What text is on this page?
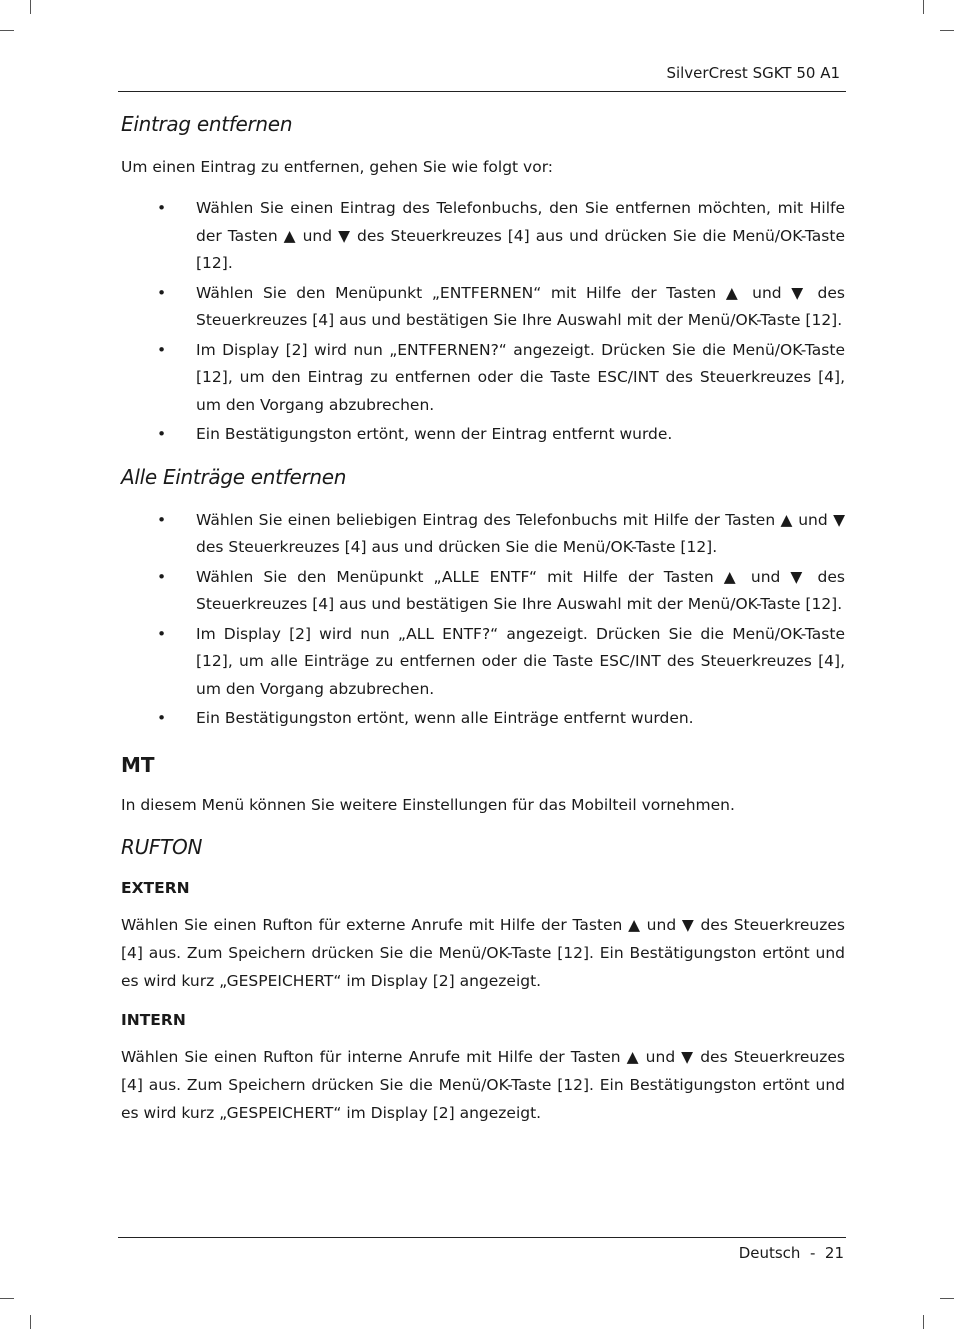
SilverCrest SGKT 50 A1
Eintrag entfernen

Um einen Eintrag zu entfernen, gehen Sie wie folgt vor:

• Wählen Sie einen Eintrag des Telefonbuchs, den Sie entfernen möchten, mit Hilfe der Tasten ▲ und ▼ des Steuerkreuzes [4] aus und drücken Sie die Menü/OK-Taste [12].
• Wählen Sie den Menüpunkt „ENTFERNEN“ mit Hilfe der Tasten ▲ und ▼ des Steuerkreuzes [4] aus und bestätigen Sie Ihre Auswahl mit der Menü/OK-Taste [12].
• Im Display [2] wird nun „ENTFERNEN?“ angezeigt. Drücken Sie die Menü/OK-Taste [12], um den Eintrag zu entfernen oder die Taste ESC/INT des Steuerkreuzes [4], um den Vorgang abzubrechen.
• Ein Bestätigungston ertönt, wenn der Eintrag entfernt wurde.
Alle Einträge entfernen
• Wählen Sie einen beliebigen Eintrag des Telefonbuchs mit Hilfe der Tasten ▲ und ▼ des Steuerkreuzes [4] aus und drücken Sie die Menü/OK-Taste [12].
• Wählen Sie den Menüpunkt „ALLE ENTF“ mit Hilfe der Tasten ▲ und ▼ des Steuerkreuzes [4] aus und bestätigen Sie Ihre Auswahl mit der Menü/OK-Taste [12].
• Im Display [2] wird nun „ALL ENTF?“ angezeigt. Drücken Sie die Menü/OK-Taste [12], um alle Einträge zu entfernen oder die Taste ESC/INT des Steuerkreuzes [4], um den Vorgang abzubrechen.
• Ein Bestätigungston ertönt, wenn alle Einträge entfernt wurden.
MT

In diesem Menü können Sie weitere Einstellungen für das Mobilteil vornehmen.

RUFTON
EXTERN

Wählen Sie einen Rufton für externe Anrufe mit Hilfe der Tasten ▲ und ▼ des Steuerkreuzes [4] aus. Zum Speichern drücken Sie die Menü/OK-Taste [12]. Ein Bestätigungston ertönt und es wird kurz „GESPEICHERT“ im Display [2] angezeigt.

INTERN

Wählen Sie einen Rufton für interne Anrufe mit Hilfe der Tasten ▲ und ▼ des Steuerkreuzes [4] aus. Zum Speichern drücken Sie die Menü/OK-Taste [12]. Ein Bestätigungston ertönt und es wird kurz „GESPEICHERT“ im Display [2] angezeigt.

Deutsch  -  21
